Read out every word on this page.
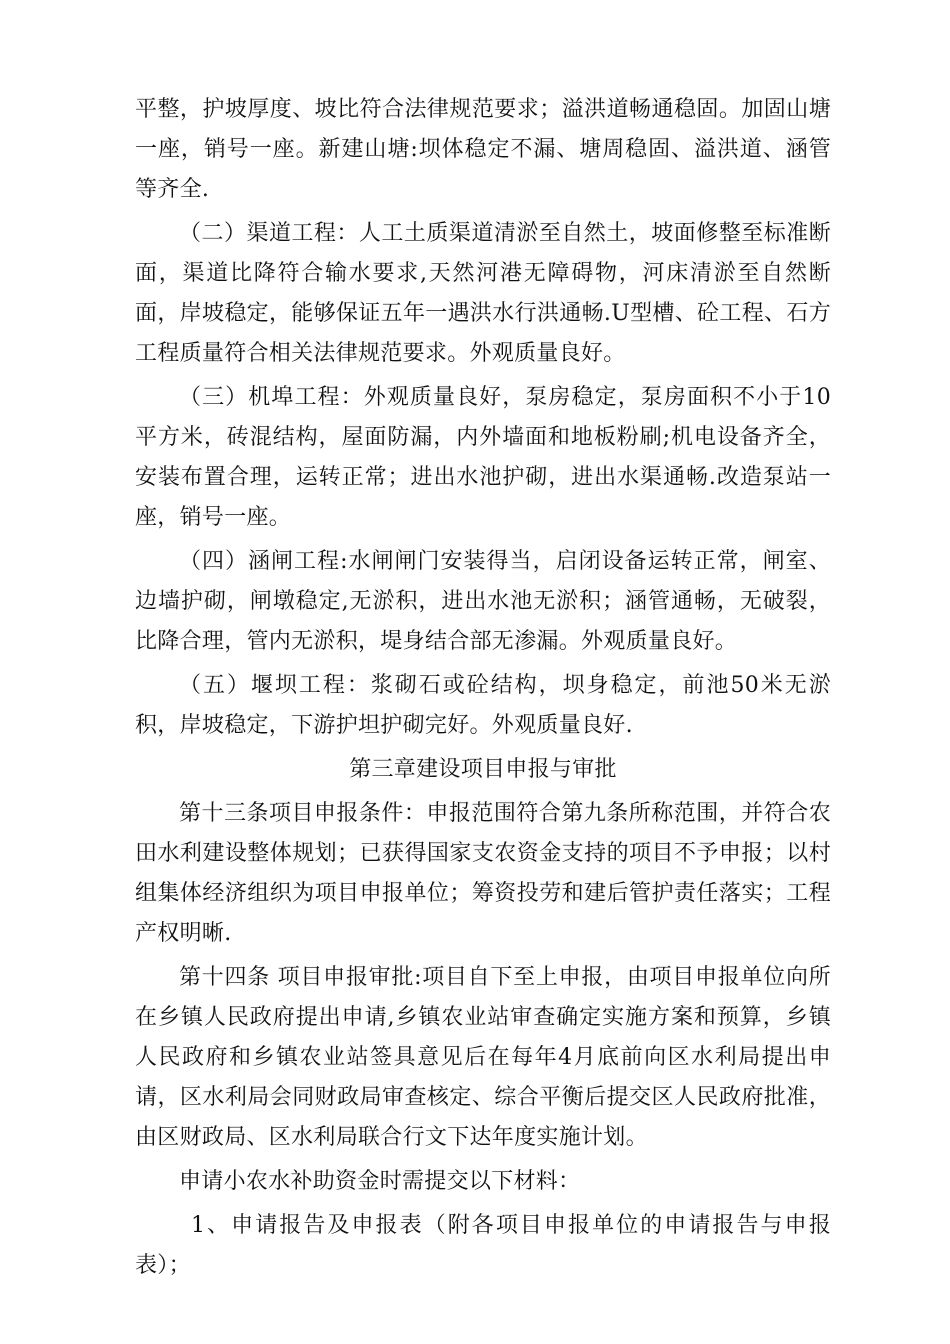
平整，护坡厚度、坡比符合法律规范要求；溢洪道畅通稳固。加固山塘一座，销号一座。新建山塘:坝体稳定不漏、塘周稳固、溢洪道、涵管等齐全.

（二）渠道工程：人工土质渠道清淤至自然土，坡面修整至标准断面，渠道比降符合输水要求,天然河港无障碍物，河床清淤至自然断面，岸坡稳定，能够保证五年一遇洪水行洪通畅.U型槽、砼工程、石方工程质量符合相关法律规范要求。外观质量良好。

（三）机埠工程：外观质量良好，泵房稳定，泵房面积不小于10平方米，砖混结构，屋面防漏，内外墙面和地板粉刷;机电设备齐全，安装布置合理，运转正常；进出水池护砌，进出水渠通畅.改造泵站一座，销号一座。

（四）涵闸工程:水闸闸门安装得当，启闭设备运转正常，闸室、边墙护砌，闸墩稳定,无淤积，进出水池无淤积；涵管通畅，无破裂，比降合理，管内无淤积，堤身结合部无渗漏。外观质量良好。

（五）堰坝工程：浆砌石或砼结构，坝身稳定，前池50米无淤积，岸坡稳定，下游护坦护砌完好。外观质量良好.

第三章建设项目申报与审批

第十三条项目申报条件：申报范围符合第九条所称范围，并符合农田水利建设整体规划；已获得国家支农资金支持的项目不予申报；以村组集体经济组织为项目申报单位；筹资投劳和建后管护责任落实；工程产权明晰.

第十四条 项目申报审批:项目自下至上申报，由项目申报单位向所在乡镇人民政府提出申请,乡镇农业站审查确定实施方案和预算，乡镇人民政府和乡镇农业站签具意见后在每年4月底前向区水利局提出申请，区水利局会同财政局审查核定、综合平衡后提交区人民政府批准，由区财政局、区水利局联合行文下达年度实施计划。

申请小农水补助资金时需提交以下材料：

1、申请报告及申报表（附各项目申报单位的申请报告与申报表）；
